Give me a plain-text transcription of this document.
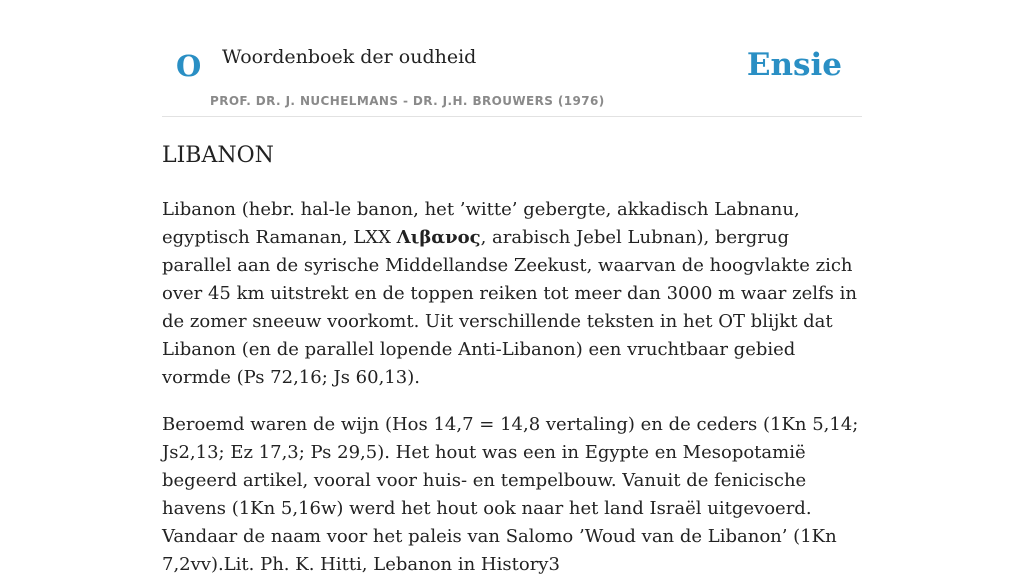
O Woordenboek der oudheid
PROF. DR. J. NUCHELMANS - DR. J.H. BROUWERS (1976)
Ensie
LIBANON

Libanon (hebr. hal-le banon, het ’witte’ gebergte, akkadisch Labnanu, egyptisch Ramanan, LXX Λιβανος, arabisch Jebel Lubnan), bergrug parallel aan de syrische Middellandse Zeekust, waarvan de hoogvlakte zich over 45 km uitstrekt en de toppen reiken tot meer dan 3000 m waar zelfs in de zomer sneeuw voorkomt. Uit verschillende teksten in het OT blijkt dat Libanon (en de parallel lopende Anti-Libanon) een vruchtbaar gebied vormde (Ps 72,16; Js 60,13).

Beroemd waren de wijn (Hos 14,7 = 14,8 vertaling) en de ceders (1Kn 5,14; Js2,13; Ez 17,3; Ps 29,5). Het hout was een in Egypte en Mesopotamië begeerd artikel, vooral voor huis- en tempelbouw. Vanuit de fenicische havens (1Kn 5,16w) werd het hout ook naar het land Israël uitgevoerd. Vandaar de naam voor het paleis van Salomo ’Woud van de Libanon’ (1Kn 7,2vv).Lit. Ph. K. Hitti, Lebanon in History3
